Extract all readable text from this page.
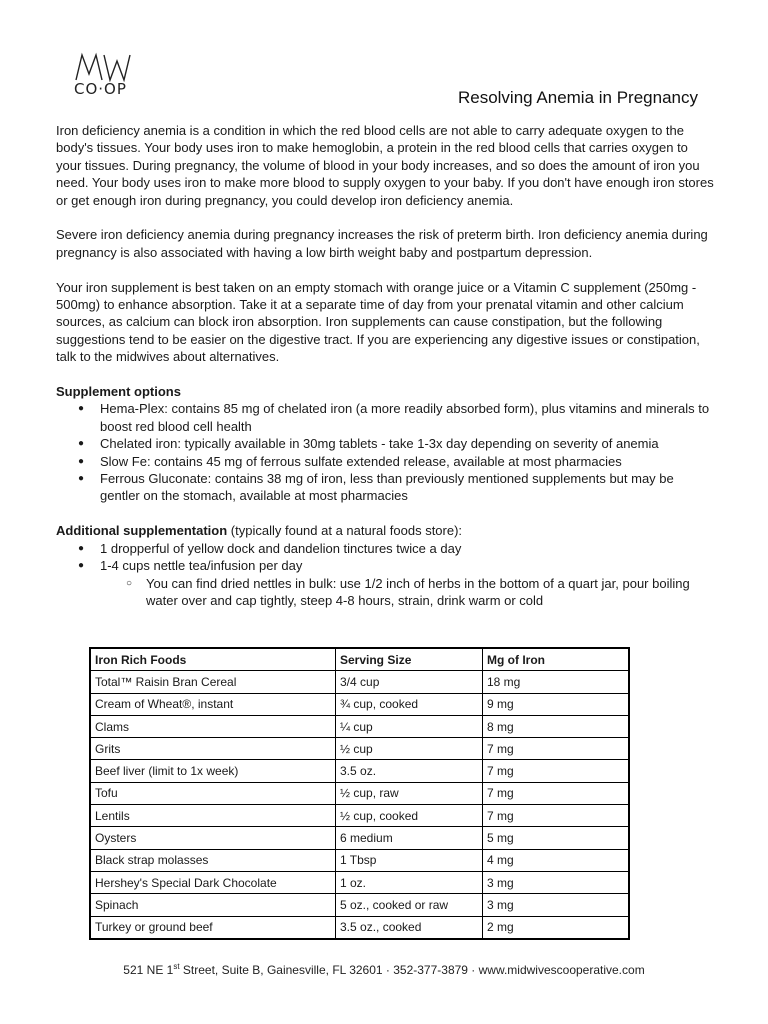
CO·OP	Resolving Anemia in Pregnancy

Iron deficiency anemia is a condition in which the red blood cells are not able to carry adequate oxygen to the body's tissues. Your body uses iron to make hemoglobin, a protein in the red blood cells that carries oxygen to your tissues. During pregnancy, the volume of blood in your body increases, and so does the amount of iron you need. Your body uses iron to make more blood to supply oxygen to your baby. If you don't have enough iron stores or get enough iron during pregnancy, you could develop iron deficiency anemia.

Severe iron deficiency anemia during pregnancy increases the risk of preterm birth. Iron deficiency anemia during pregnancy is also associated with having a low birth weight baby and postpartum depression.

Your iron supplement is best taken on an empty stomach with orange juice or a Vitamin C supplement (250mg - 500mg) to enhance absorption. Take it at a separate time of day from your prenatal vitamin and other calcium sources, as calcium can block iron absorption. Iron supplements can cause constipation, but the following suggestions tend to be easier on the digestive tract. If you are experiencing any digestive issues or constipation, talk to the midwives about alternatives.

Supplement options
● Hema-Plex: contains 85 mg of chelated iron (a more readily absorbed form), plus vitamins and minerals to boost red blood cell health
● Chelated iron: typically available in 30mg tablets - take 1-3x day depending on severity of anemia
● Slow Fe: contains 45 mg of ferrous sulfate extended release, available at most pharmacies
● Ferrous Gluconate: contains 38 mg of iron, less than previously mentioned supplements but may be gentler on the stomach, available at most pharmacies
Additional supplementation (typically found at a natural foods store):
● 1 dropperful of yellow dock and dandelion tinctures twice a day
● 1-4 cups nettle tea/infusion per day
○ You can find dried nettles in bulk: use 1/2 inch of herbs in the bottom of a quart jar, pour boiling water over and cap tightly, steep 4-8 hours, strain, drink warm or cold
Iron Rich Foods	Serving Size	Mg of Iron
Total™ Raisin Bran Cereal	3/4 cup	18 mg
Cream of Wheat®, instant	¾ cup, cooked	9 mg
Clams	¼ cup	8 mg
Grits	½ cup	7 mg
Beef liver (limit to 1x week)	3.5 oz.	7 mg
Tofu	½ cup, raw	7 mg
Lentils	½ cup, cooked	7 mg
Oysters	6 medium	5 mg
Black strap molasses	1 Tbsp	4 mg
Hershey's Special Dark Chocolate	1 oz.	3 mg
Spinach	5 oz., cooked or raw	3 mg
Turkey or ground beef	3.5 oz., cooked	2 mg
521 NE 1st Street, Suite B, Gainesville, FL 32601 · 352-377-3879 · www.midwivescooperative.com
